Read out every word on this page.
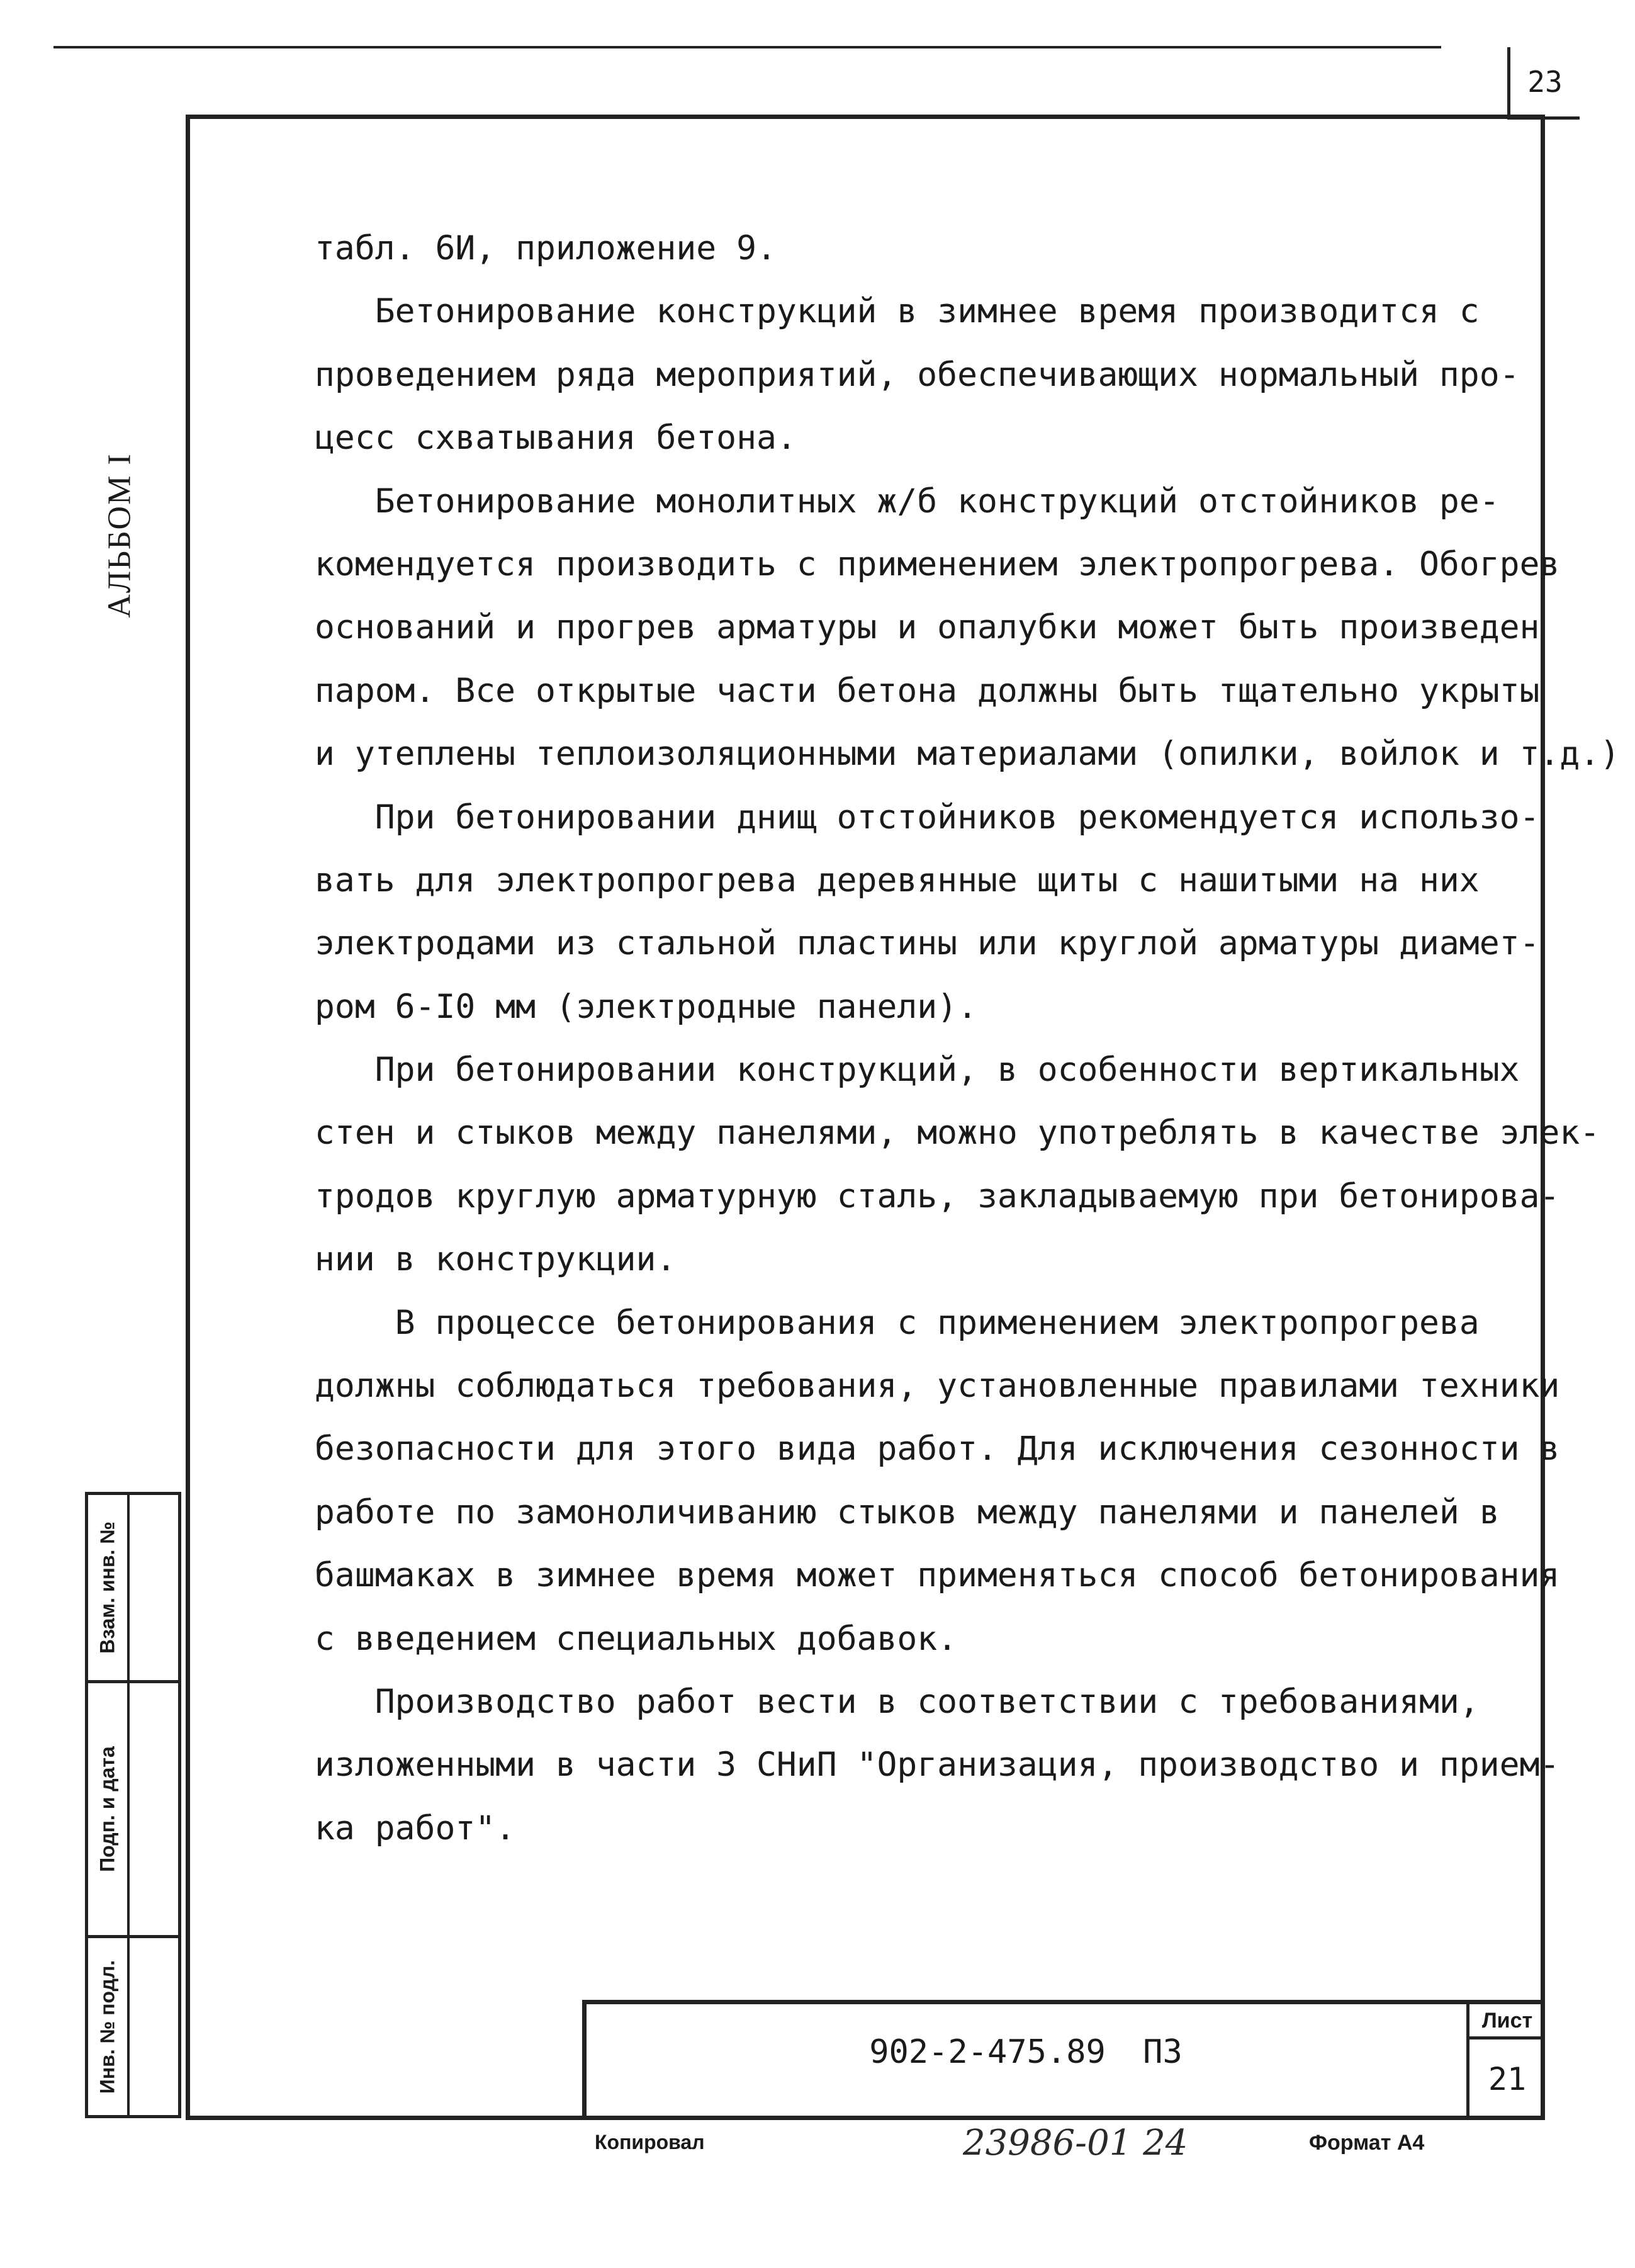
23
АЛЬБОМ I
Взам. инв. №
Подп. и дата
Инв. № подл.
табл. 6И, приложение 9.
Бетонирование конструкций в зимнее время производится с
проведением ряда мероприятий, обеспечивающих нормальный про-
цесс схватывания бетона.
Бетонирование монолитных ж/б конструкций отстойников ре-
комендуется производить с применением электропрогрева. Обогрев
оснований и прогрев арматуры и опалубки может быть произведен
паром. Все открытые части бетона должны быть тщательно укрыты
и утеплены теплоизоляционными материалами (опилки, войлок и т.д.)
При бетонировании днищ отстойников рекомендуется использо-
вать для электропрогрева деревянные щиты с нашитыми на них
электродами из стальной пластины или круглой арматуры диамет-
ром 6-I0 мм (электродные панели).
При бетонировании конструкций, в особенности вертикальных
стен и стыков между панелями, можно употреблять в качестве элек-
тродов круглую арматурную сталь, закладываемую при бетонирова-
нии в конструкции.
В процессе бетонирования с применением электропрогрева
должны соблюдаться требования, установленные правилами техники
безопасности для этого вида работ. Для исключения сезонности в
работе по замоноличиванию стыков между панелями и панелей в
башмаках в зимнее время может применяться способ бетонирования
с введением специальных добавок.
Производство работ вести в соответствии с требованиями,
изложенными в части 3 СНиП "Организация, производство и прием-
ка работ".
902-2-475.89 ПЗ
Лист
21
Копировал	23986-01 24	Формат А4
